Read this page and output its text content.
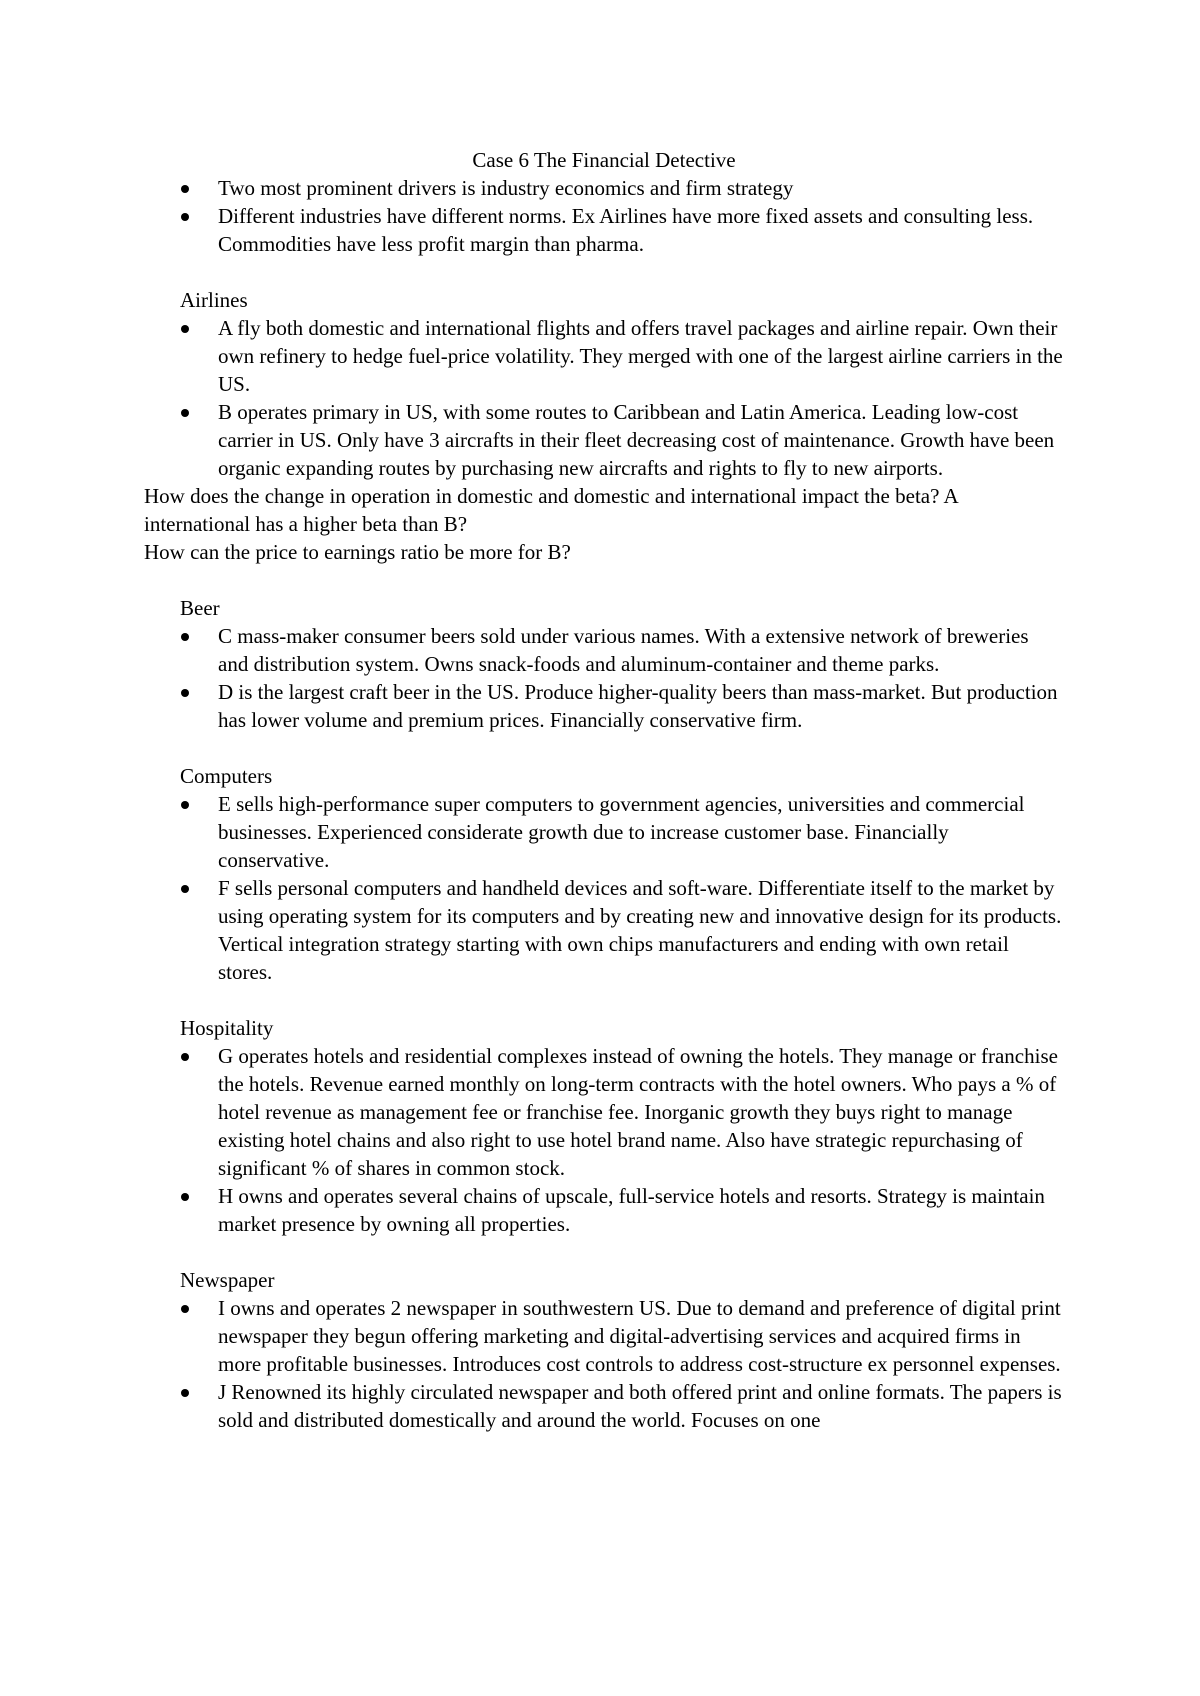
Case 6 The Financial Detective

Two most prominent drivers is industry economics and firm strategy
Different industries have different norms. Ex Airlines have more fixed assets and consulting less. Commodities have less profit margin than pharma.

Airlines

A fly both domestic and international flights and offers travel packages and airline repair. Own their own refinery to hedge fuel-price volatility. They merged with one of the largest airline carriers in the US.
B operates primary in US, with some routes to Caribbean and Latin America. Leading low-cost carrier in US. Only have 3 aircrafts in their fleet decreasing cost of maintenance. Growth have been organic expanding routes by purchasing new aircrafts and rights to fly to new airports.

How does the change in operation in domestic and domestic and international impact the beta? A international has a higher beta than B?

How can the price to earnings ratio be more for B?

Beer

C mass-maker consumer beers sold under various names. With a extensive network of breweries and distribution system. Owns snack-foods and aluminum-container and theme parks.
D is the largest craft beer in the US. Produce higher-quality beers than mass-market. But production has lower volume and premium prices. Financially conservative firm.

Computers

E sells high-performance super computers to government agencies, universities and commercial businesses. Experienced considerate growth due to increase customer base. Financially conservative.
F sells personal computers and handheld devices and soft-ware. Differentiate itself to the market by using operating system for its computers and by creating new and innovative design for its products. Vertical integration strategy starting with own chips manufacturers and ending with own retail stores.

Hospitality

G operates hotels and residential complexes instead of owning the hotels. They manage or franchise the hotels. Revenue earned monthly on long-term contracts with the hotel owners. Who pays a % of hotel revenue as management fee or franchise fee. Inorganic growth they buys right to manage existing hotel chains and also right to use hotel brand name. Also have strategic repurchasing of significant % of shares in common stock.
H owns and operates several chains of upscale, full-service hotels and resorts. Strategy is maintain market presence by owning all properties.

Newspaper

I owns and operates 2 newspaper in southwestern US. Due to demand and preference of digital print newspaper they begun offering marketing and digital-advertising services and acquired firms in more profitable businesses. Introduces cost controls to address cost-structure ex personnel expenses.
J Renowned its highly circulated newspaper and both offered print and online formats. The papers is sold and distributed domestically and around the world. Focuses on one
